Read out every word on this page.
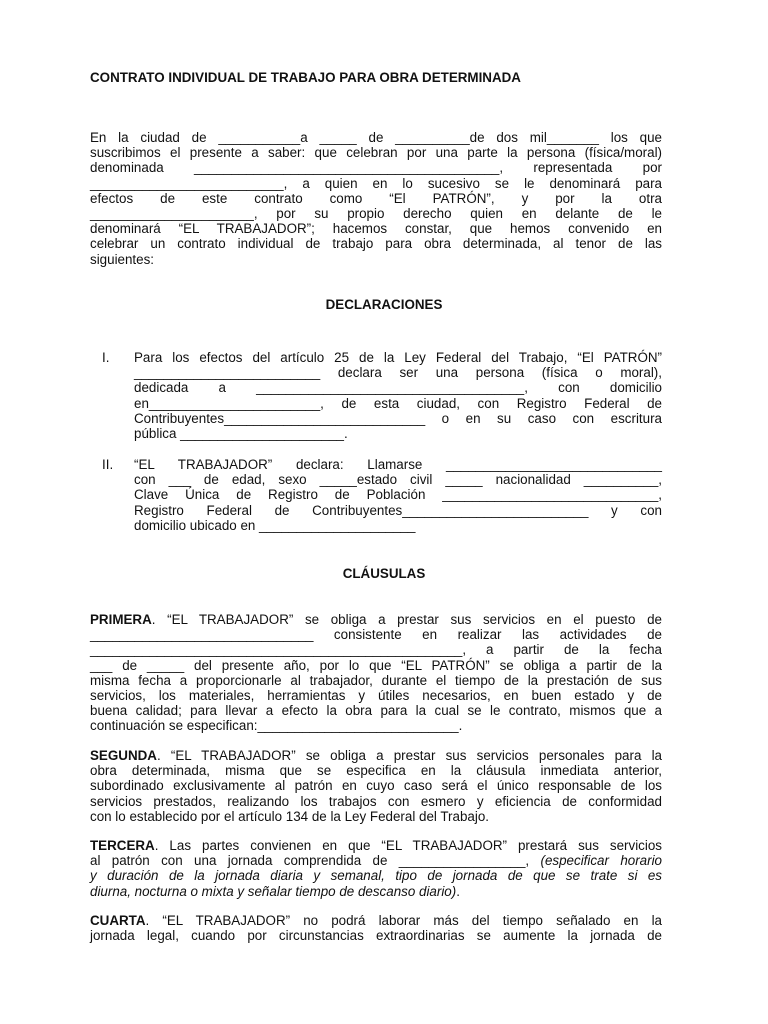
CONTRATO INDIVIDUAL DE TRABAJO PARA OBRA DETERMINADA
En la ciudad de ___________a _____ de __________de dos mil_______ los que
suscribimos el presente a saber: que celebran por una parte la persona (física/moral)
denominada _________________________________________, representada por
__________________________, a quien en lo sucesivo se le denominará para
efectos de este contrato como “El PATRÓN”, y por la otra
______________________, por su propio derecho quien en delante de le
denominará “EL TRABAJADOR”; hacemos constar, que hemos convenido en
celebrar un contrato individual de trabajo para obra determinada, al tenor de las
siguientes:
DECLARACIONES
I. Para los efectos del artículo 25 de la Ley Federal del Trabajo, “El PATRÓN”
_________________________ declara ser una persona (física o moral),
dedicada a ____________________________________, con domicilio
en_______________________, de esta ciudad, con Registro Federal de
Contribuyentes___________________________ o en su caso con escritura
pública ______________________.
II. “EL TRABAJADOR” declara: Llamarse _____________________________
con ___ de edad, sexo _____estado civil _____ nacionalidad __________,
Clave Única de Registro de Población _____________________________,
Registro Federal de Contribuyentes_________________________ y con
domicilio ubicado en _____________________
CLÁUSULAS
PRIMERA. “EL TRABAJADOR” se obliga a prestar sus servicios en el puesto de
______________________________ consistente en realizar las actividades de
__________________________________________________, a partir de la fecha
___ de _____ del presente año, por lo que “EL PATRÓN” se obliga a partir de la
misma fecha a proporcionarle al trabajador, durante el tiempo de la prestación de sus
servicios, los materiales, herramientas y útiles necesarios, en buen estado y de
buena calidad; para llevar a efecto la obra para la cual se le contrato, mismos que a
continuación se especifican:___________________________.
SEGUNDA. “EL TRABAJADOR” se obliga a prestar sus servicios personales para la
obra determinada, misma que se especifica en la cláusula inmediata anterior,
subordinado exclusivamente al patrón en cuyo caso será el único responsable de los
servicios prestados, realizando los trabajos con esmero y eficiencia de conformidad
con lo establecido por el artículo 134 de la Ley Federal del Trabajo.
TERCERA. Las partes convienen en que “EL TRABAJADOR” prestará sus servicios
al patrón con una jornada comprendida de _________________, (especificar horario
y duración de la jornada diaria y semanal, tipo de jornada de que se trate si es
diurna, nocturna o mixta y señalar tiempo de descanso diario).
CUARTA. “EL TRABAJADOR” no podrá laborar más del tiempo señalado en la
jornada legal, cuando por circunstancias extraordinarias se aumente la jornada de
